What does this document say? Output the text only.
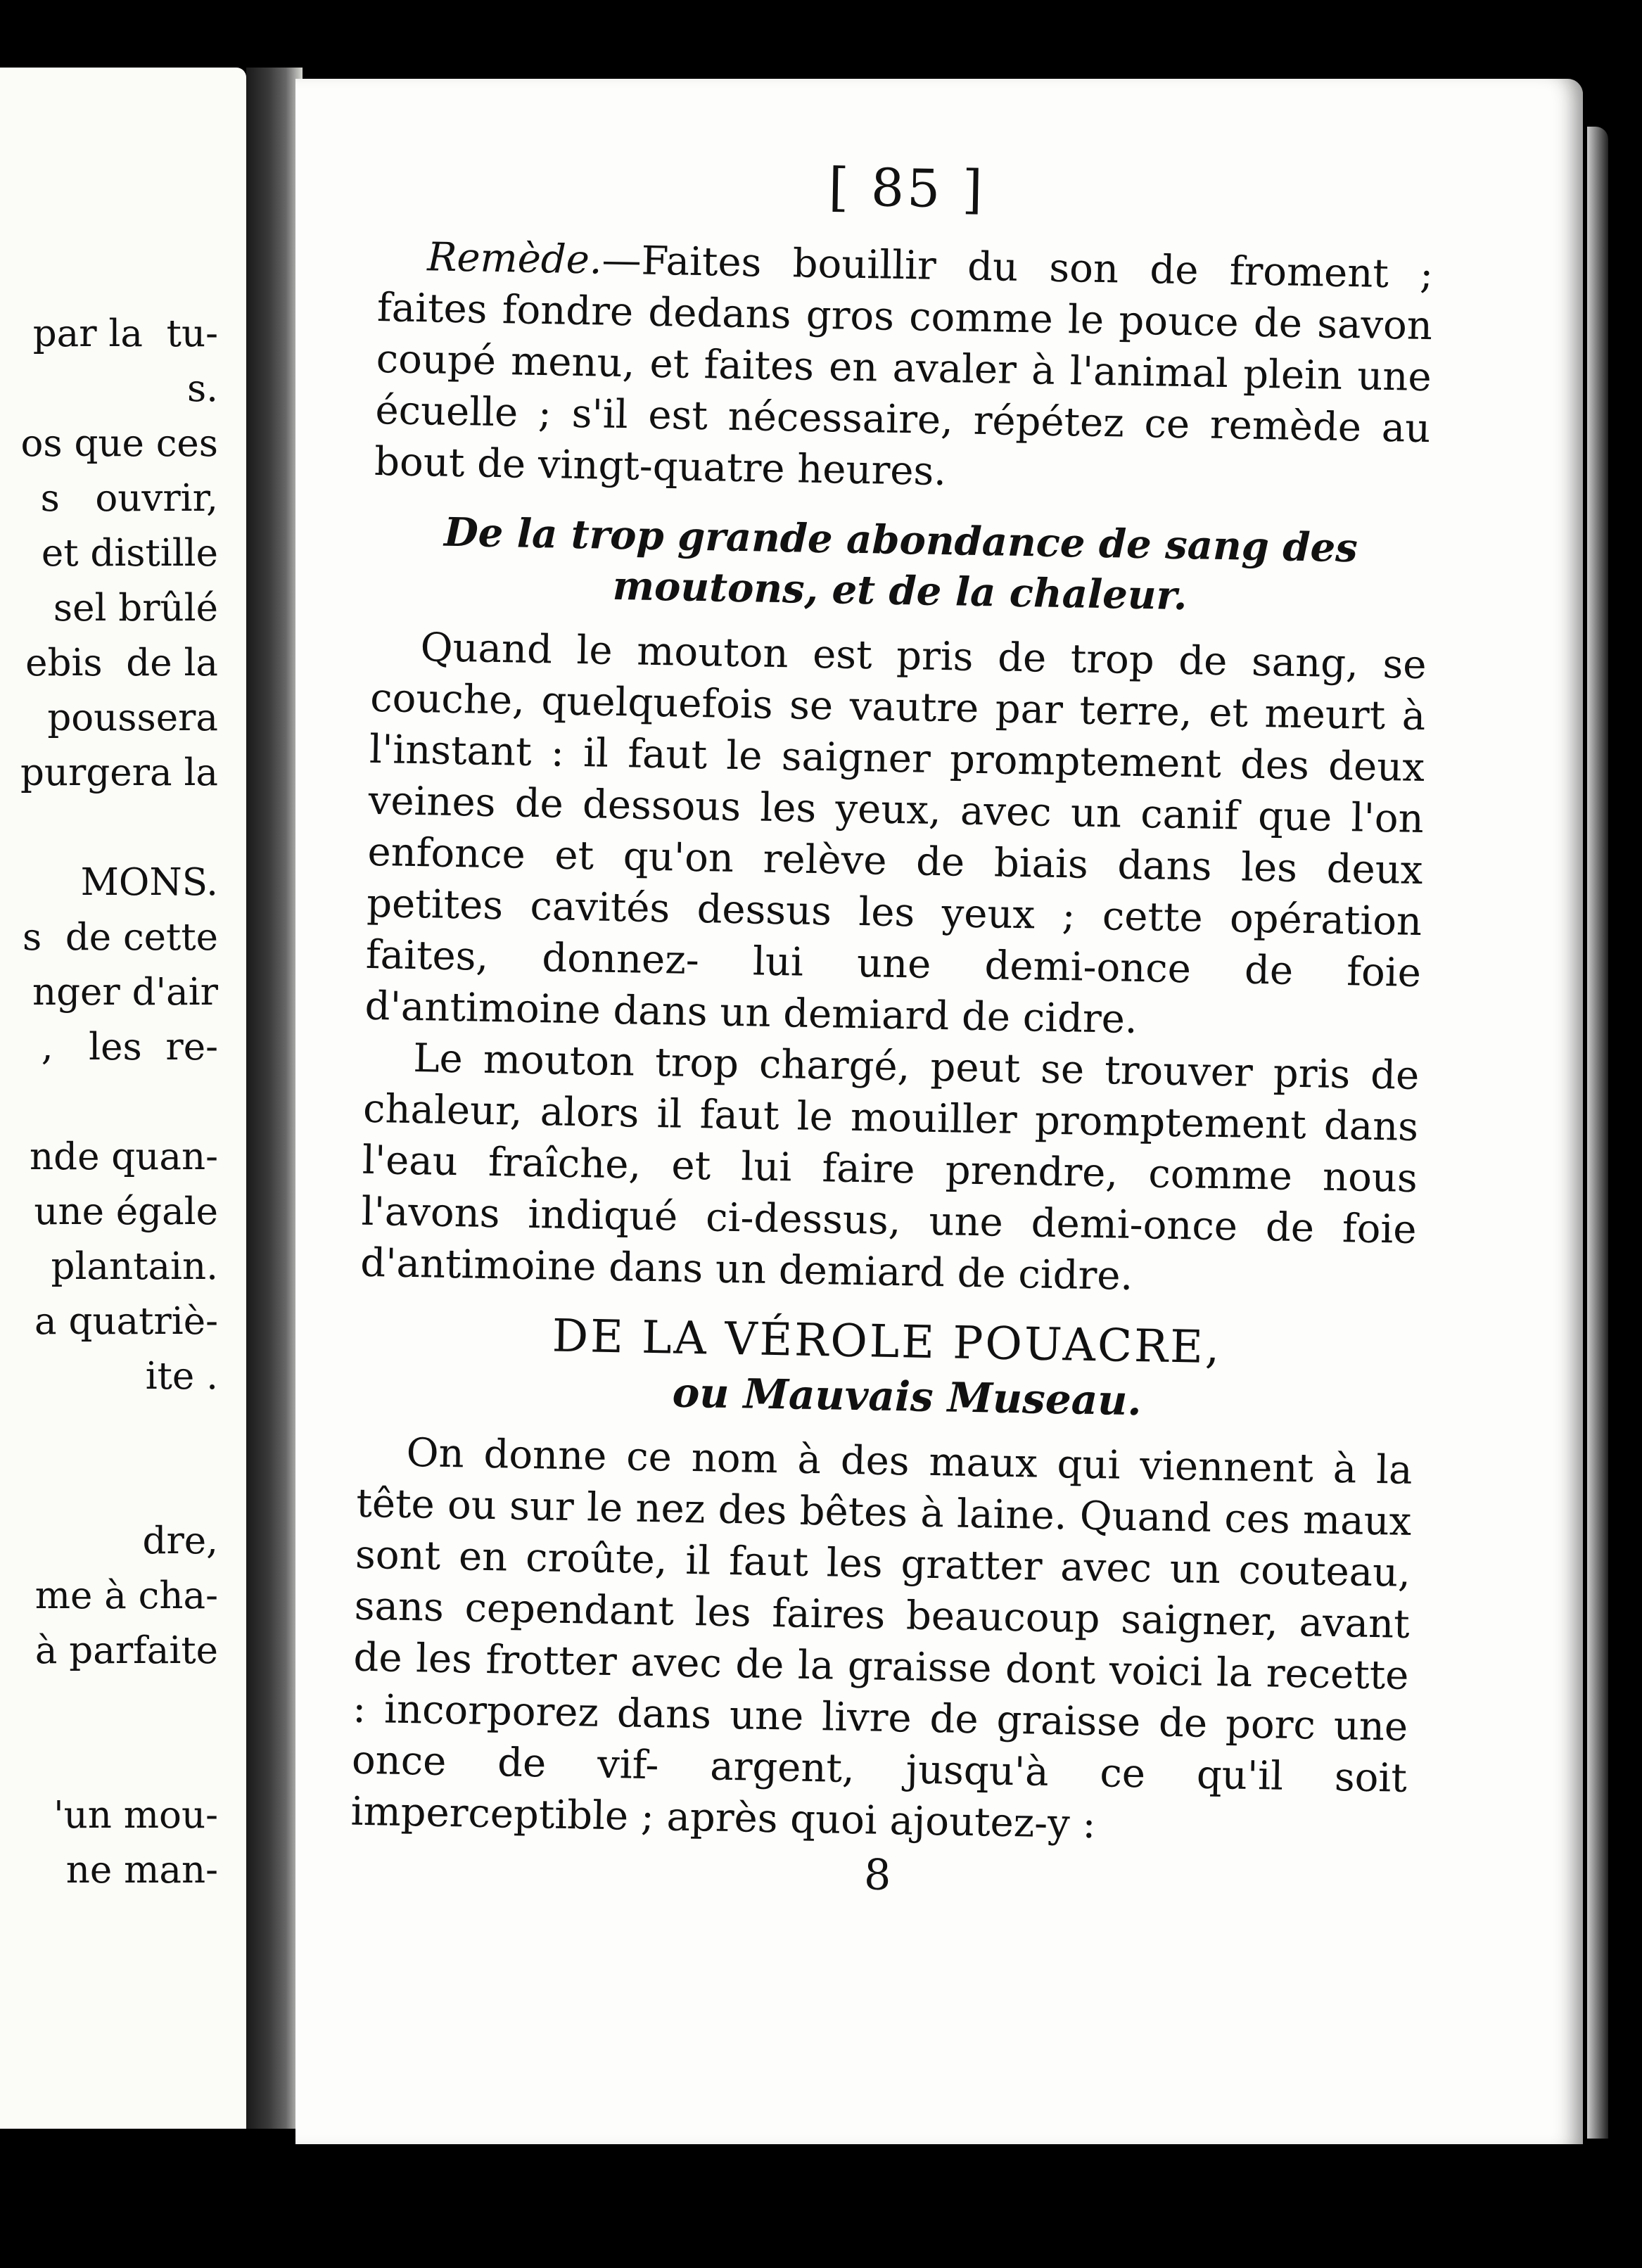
par la  tu-
s.
os que ces
s   ouvrir,
et distille
sel brûlé
ebis  de la
poussera
purgera la
MONS.
s  de cette
nger d'air
,   les  re-
nde quan-
une égale
plantain.
a quatriè-
ite .
dre,
me à cha-
à parfaite
'un mou-
ne man-
[ 85 ]

Remède.—Faites bouillir du son de froment ; faites fondre dedans gros comme le pouce de savon coupé menu, et faites en avaler à l'animal plein une écuelle ; s'il est nécessaire, répétez ce remède au bout de vingt-quatre heures.

De la trop grande abondance de sang des
moutons, et de la chaleur.

Quand le mouton est pris de trop de sang, se couche, quelquefois se vautre par terre, et meurt à l'instant : il faut le saigner promptement des deux veines de dessous les yeux, avec un canif que l'on enfonce et qu'on relève de biais dans les deux petites cavités dessus les yeux ; cette opération faites, donnez- lui une demi-once de foie d'antimoine dans un demiard de cidre.

Le mouton trop chargé, peut se trouver pris de chaleur, alors il faut le mouiller promptement dans l'eau fraîche, et lui faire prendre, comme nous l'avons indiqué ci-dessus, une demi-once de foie d'antimoine dans un demiard de cidre.

DE LA VÉROLE POUACRE,
ou Mauvais Museau.

On donne ce nom à des maux qui viennent à la tête ou sur le nez des bêtes à laine. Quand ces maux sont en croûte, il faut les gratter avec un couteau, sans cependant les faires beaucoup saigner, avant de les frotter avec de la graisse dont voici la recette : incorporez dans une livre de graisse de porc une once de vif- argent, jusqu'à ce qu'il soit imperceptible ; après quoi ajoutez-y :

8
